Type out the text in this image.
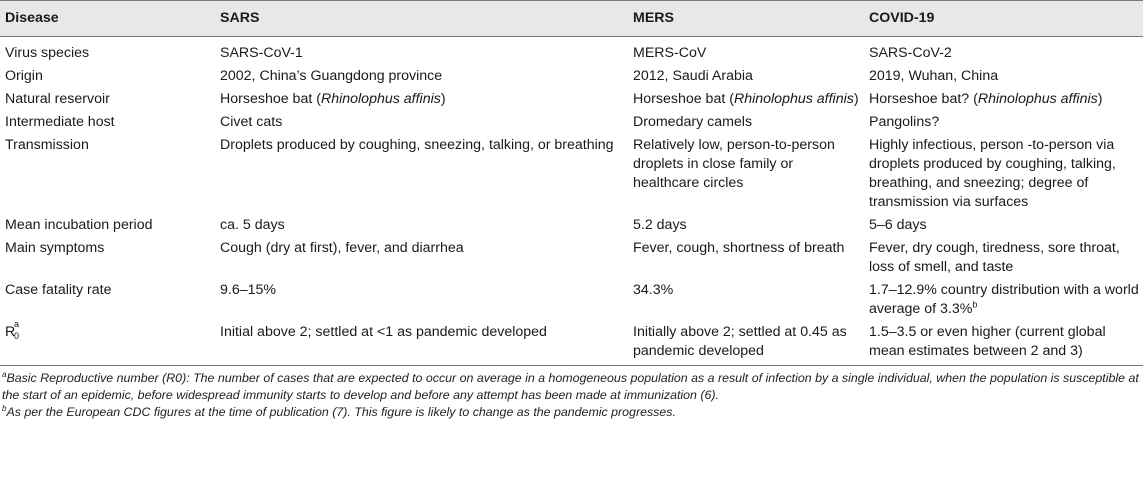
Disease	SARS	MERS	COVID-19
Virus species	SARS-CoV-1	MERS-CoV	SARS-CoV-2
Origin	2002, China’s Guangdong province	2012, Saudi Arabia	2019, Wuhan, China
Natural reservoir	Horseshoe bat (Rhinolophus affinis)	Horseshoe bat (Rhinolophus affinis)	Horseshoe bat? (Rhinolophus affinis)
Intermediate host	Civet cats	Dromedary camels	Pangolins?
Transmission	Droplets produced by coughing, sneezing, talking, or breathing	Relatively low, person-to-person droplets in close family or healthcare circles	Highly infectious, person -to-person via droplets produced by coughing, talking, breathing, and sneezing; degree of transmission via surfaces
Mean incubation period	ca. 5 days	5.2 days	5–6 days
Main symptoms	Cough (dry at first), fever, and diarrhea	Fever, cough, shortness of breath	Fever, dry cough, tiredness, sore throat, loss of smell, and taste
Case fatality rate	9.6–15%	34.3%	1.7–12.9% country distribution with a world average of 3.3%$^b$
R
a
0	Initial above 2; settled at <1 as pandemic developed	Initially above 2; settled at 0.45 as pandemic developed	1.5–3.5 or even higher (current global mean estimates between 2 and 3)

$^a$Basic Reproductive number (R0): The number of cases that are expected to occur on average in a homogeneous population as a result of infection by a single individual, when the population is susceptible at the start of an epidemic, before widespread immunity starts to develop and before any attempt has been made at immunization (6).

$^b$As per the European CDC figures at the time of publication (7). This figure is likely to change as the pandemic progresses.
